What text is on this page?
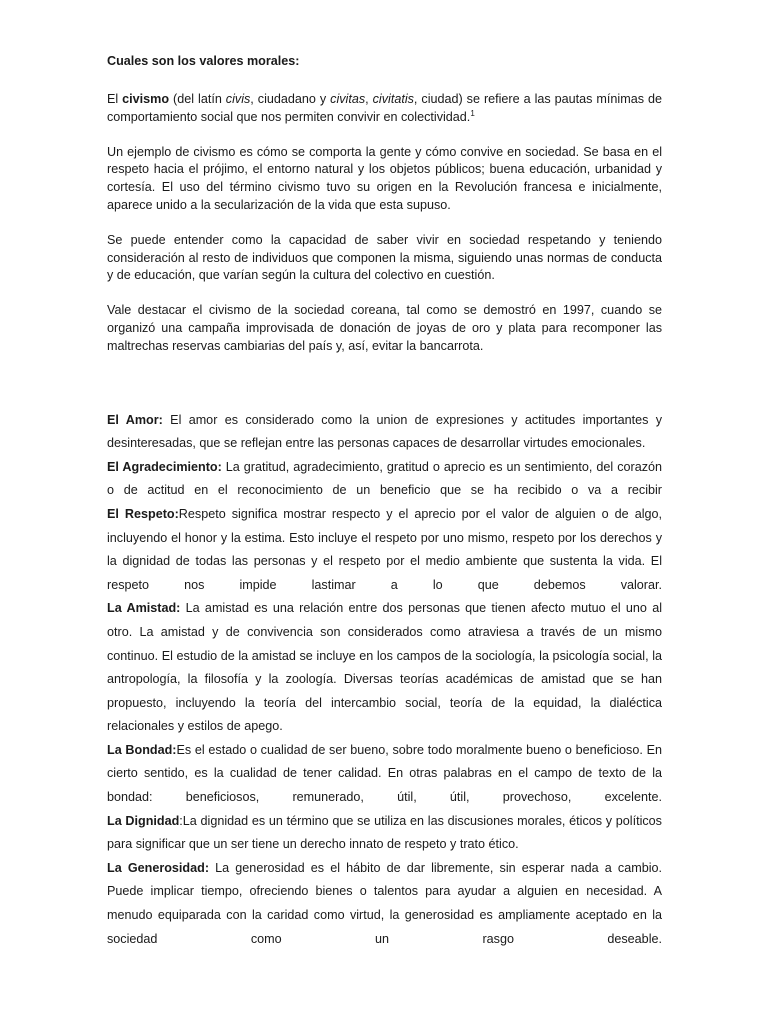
Cuales son los valores morales:

El civismo (del latín civis, ciudadano y civitas, civitatis, ciudad) se refiere a las pautas mínimas de comportamiento social que nos permiten convivir en colectividad.$^1$

Un ejemplo de civismo es cómo se comporta la gente y cómo convive en sociedad. Se basa en el respeto hacia el prójimo, el entorno natural y los objetos públicos; buena educación, urbanidad y cortesía. El uso del término civismo tuvo su origen en la Revolución francesa e inicialmente, aparece unido a la secularización de la vida que esta supuso.

Se puede entender como la capacidad de saber vivir en sociedad respetando y teniendo consideración al resto de individuos que componen la misma, siguiendo unas normas de conducta y de educación, que varían según la cultura del colectivo en cuestión.

Vale destacar el civismo de la sociedad coreana, tal como se demostró en 1997, cuando se organizó una campaña improvisada de donación de joyas de oro y plata para recomponer las maltrechas reservas cambiarias del país y, así, evitar la bancarrota.

El Amor: El amor es considerado como la union de expresiones y actitudes importantes y desinteresadas, que se reflejan entre las personas capaces de desarrollar virtudes emocionales.

El Agradecimiento: La gratitud, agradecimiento, gratitud o aprecio es un sentimiento, del corazón o de actitud en el reconocimiento de un beneficio que se ha recibido o va a recibir

El Respeto:Respeto significa mostrar respecto y el aprecio por el valor de alguien o de algo, incluyendo el honor y la estima. Esto incluye el respeto por uno mismo, respeto por los derechos y la dignidad de todas las personas y el respeto por el medio ambiente que sustenta la vida. El respeto nos impide lastimar a lo que debemos valorar.

La Amistad: La amistad es una relación entre dos personas que tienen afecto mutuo el uno al otro. La amistad y de convivencia son considerados como atraviesa a través de un mismo continuo. El estudio de la amistad se incluye en los campos de la sociología, la psicología social, la antropología, la filosofía y la zoología. Diversas teorías académicas de amistad que se han propuesto, incluyendo la teoría del intercambio social, teoría de la equidad, la dialéctica relacionales y estilos de apego.

La Bondad:Es el estado o cualidad de ser bueno, sobre todo moralmente bueno o beneficioso. En cierto sentido, es la cualidad de tener calidad. En otras palabras en el campo de texto de la bondad: beneficiosos, remunerado, útil, útil, provechoso, excelente.

La Dignidad:La dignidad es un término que se utiliza en las discusiones morales, éticos y políticos para significar que un ser tiene un derecho innato de respeto y trato ético.

La Generosidad: La generosidad es el hábito de dar libremente, sin esperar nada a cambio. Puede implicar tiempo, ofreciendo bienes o talentos para ayudar a alguien en necesidad. A menudo equiparada con la caridad como virtud, la generosidad es ampliamente aceptado en la sociedad como un rasgo deseable.
